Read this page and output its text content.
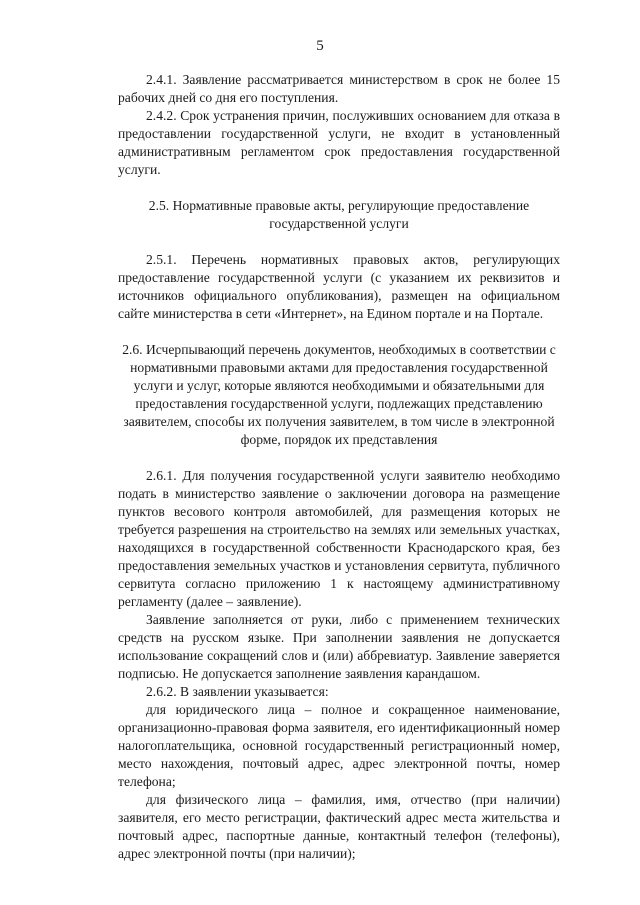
5

2.4.1. Заявление рассматривается министерством в срок не более 15 рабочих дней со дня его поступления.

2.4.2. Срок устранения причин, послуживших основанием для отказа в предоставлении государственной услуги, не входит в установленный административным регламентом срок предоставления государственной услуги.

2.5. Нормативные правовые акты, регулирующие предоставление государственной услуги

2.5.1. Перечень нормативных правовых актов, регулирующих предоставление государственной услуги (с указанием их реквизитов и источников официального опубликования), размещен на официальном сайте министерства в сети «Интернет», на Едином портале и на Портале.

2.6. Исчерпывающий перечень документов, необходимых в соответствии с нормативными правовыми актами для предоставления государственной услуги и услуг, которые являются необходимыми и обязательными для предоставления государственной услуги, подлежащих представлению заявителем, способы их получения заявителем, в том числе в электронной форме, порядок их представления

2.6.1. Для получения государственной услуги заявителю необходимо подать в министерство заявление о заключении договора на размещение пунктов весового контроля автомобилей, для размещения которых не требуется разрешения на строительство на землях или земельных участках, находящихся в государственной собственности Краснодарского края, без предоставления земельных участков и установления сервитута, публичного сервитута согласно приложению 1 к настоящему административному регламенту (далее – заявление).

Заявление заполняется от руки, либо с применением технических средств на русском языке. При заполнении заявления не допускается использование сокращений слов и (или) аббревиатур. Заявление заверяется подписью. Не допускается заполнение заявления карандашом.

2.6.2. В заявлении указывается:

для юридического лица – полное и сокращенное наименование, организационно-правовая форма заявителя, его идентификационный номер налогоплательщика, основной государственный регистрационный номер, место нахождения, почтовый адрес, адрес электронной почты, номер телефона;

для физического лица – фамилия, имя, отчество (при наличии) заявителя, его место регистрации, фактический адрес места жительства и почтовый адрес, паспортные данные, контактный телефон (телефоны), адрес электронной почты (при наличии);
